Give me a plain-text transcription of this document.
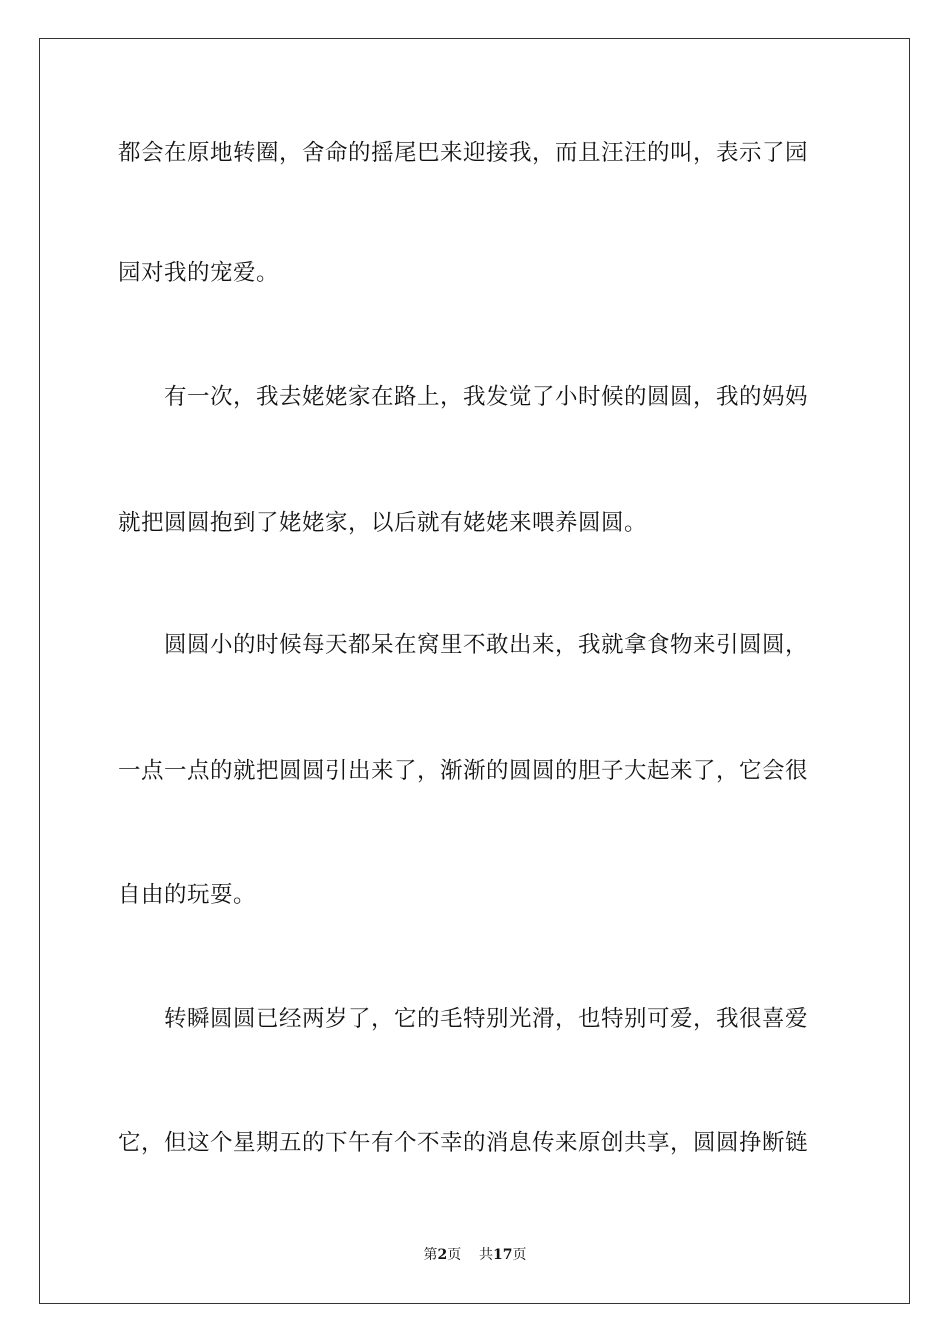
都会在原地转圈，舍命的摇尾巴来迎接我，而且汪汪的叫，表示了园
园对我的宠爱。
有一次，我去姥姥家在路上，我发觉了小时候的圆圆，我的妈妈
就把圆圆抱到了姥姥家，以后就有姥姥来喂养圆圆。
圆圆小的时候每天都呆在窝里不敢出来，我就拿食物来引圆圆，
一点一点的就把圆圆引出来了，渐渐的圆圆的胆子大起来了，它会很
自由的玩耍。
转瞬圆圆已经两岁了，它的毛特别光滑，也特别可爱，我很喜爱
它，但这个星期五的下午有个不幸的消息传来原创共享，圆圆挣断链
第2页 共17页
